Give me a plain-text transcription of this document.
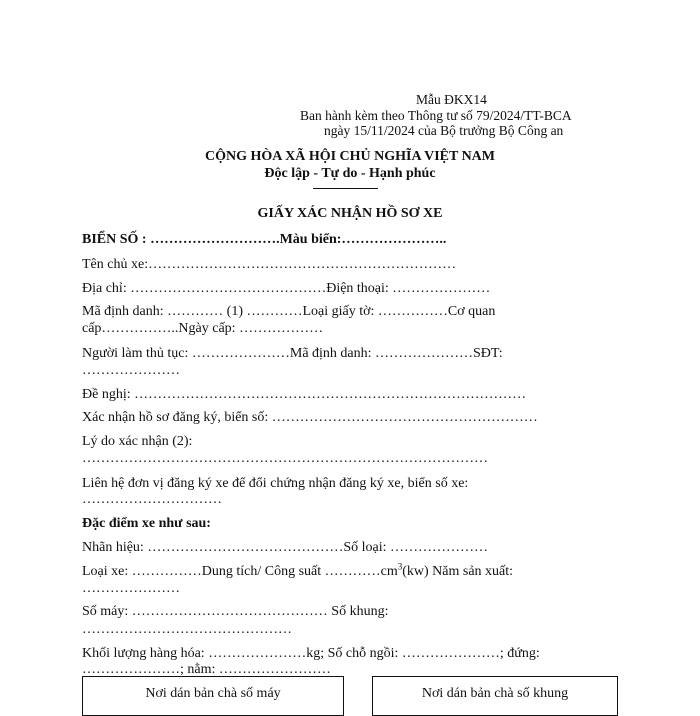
Mẫu ĐKX14
Ban hành kèm theo Thông tư số 79/2024/TT-BCA
ngày 15/11/2024 của Bộ trưởng Bộ Công an
CỘNG HÒA XÃ HỘI CHỦ NGHĨA VIỆT NAM
Độc lập - Tự do - Hạnh phúc
GIẤY XÁC NHẬN HỒ SƠ XE
BIỂN SỐ : ……………………….Màu biển:…………………..
Tên chủ xe:…………………………………………………………
Địa chỉ: ……………………………………Điện thoại: …………………
Mã định danh: ………… (1) …………Loại giấy tờ: ……………Cơ quan
cấp……………..Ngày cấp: ………………
Người làm thủ tục: …………………Mã định danh: …………………SĐT:
…………………
Đề nghị: …………………………………………………………………………
Xác nhận hồ sơ đăng ký, biển số: …………………………………………………
Lý do xác nhận (2):
……………………………………………………………………………
Liên hệ đơn vị đăng ký xe để đổi chứng nhận đăng ký xe, biển số xe:
…………………………
Đặc điểm xe như sau:
Nhãn hiệu: ……………………………………Số loại: …………………
Loại xe: ……………Dung tích/ Công suất $\dots\dots\dots\dots cm^3(kw)$ Năm sản xuất:
…………………
Số máy: …………………………………… Số khung:
………………………………………
Khối lượng hàng hóa: …………………kg; Số chỗ ngồi: …………………; đứng:
…………………; nằm: ……………………
Nơi dán bản chà số máy	Nơi dán bản chà số khung
